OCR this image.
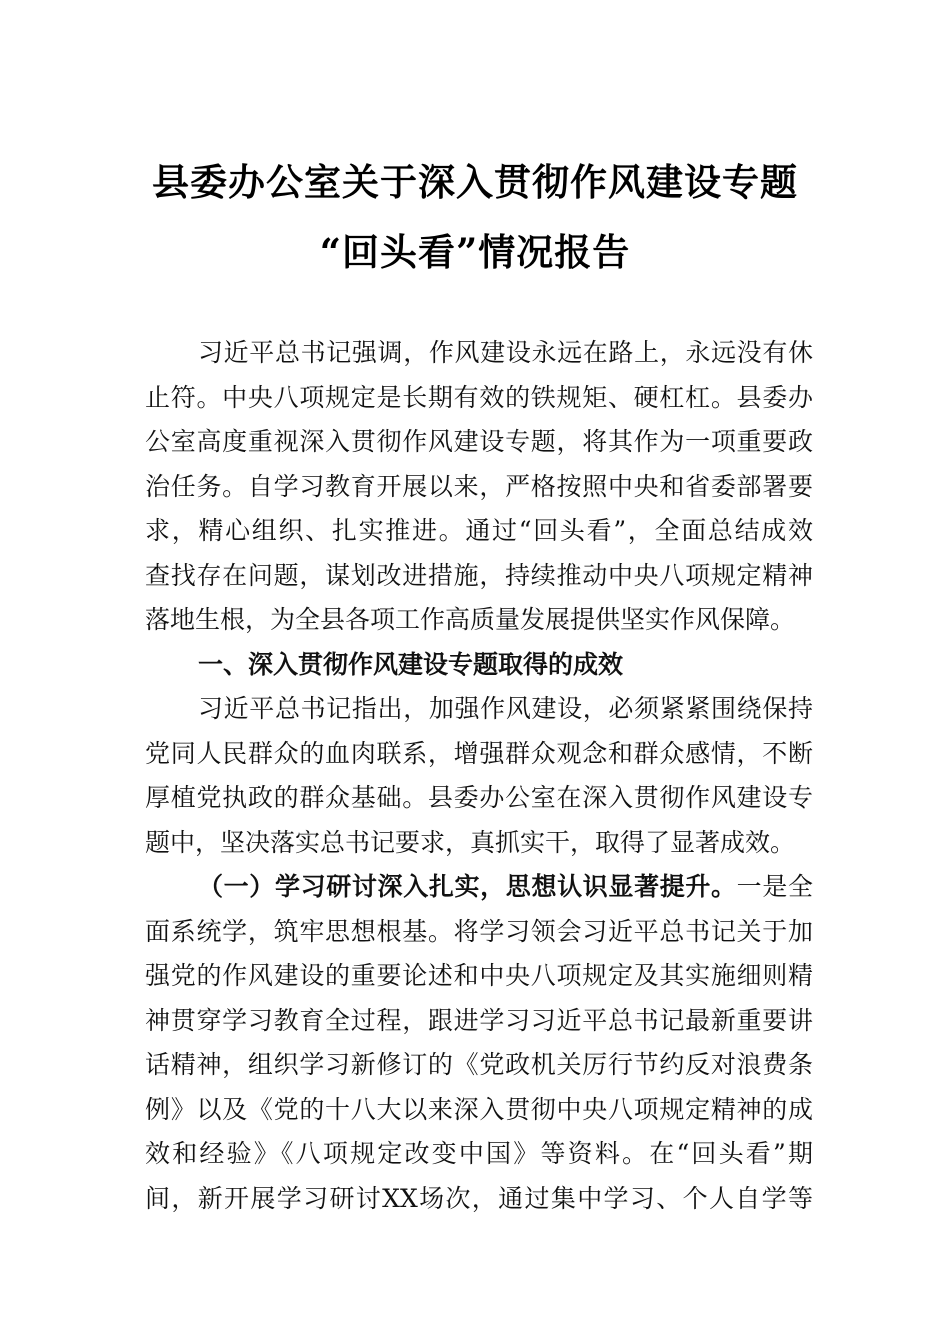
县委办公室关于深入贯彻作风建设专题
“回头看”情况报告
习近平总书记强调，作风建设永远在路上，永远没有休
止符。中央八项规定是长期有效的铁规矩、硬杠杠。县委办
公室高度重视深入贯彻作风建设专题，将其作为一项重要政
治任务。自学习教育开展以来，严格按照中央和省委部署要
求，精心组织、扎实推进。通过“回头看”，全面总结成效
查找存在问题，谋划改进措施，持续推动中央八项规定精神
落地生根，为全县各项工作高质量发展提供坚实作风保障。
一、深入贯彻作风建设专题取得的成效
习近平总书记指出，加强作风建设，必须紧紧围绕保持
党同人民群众的血肉联系，增强群众观念和群众感情，不断
厚植党执政的群众基础。县委办公室在深入贯彻作风建设专
题中，坚决落实总书记要求，真抓实干，取得了显著成效。
（一）学习研讨深入扎实，思想认识显著提升。一是全
面系统学，筑牢思想根基。将学习领会习近平总书记关于加
强党的作风建设的重要论述和中央八项规定及其实施细则精
神贯穿学习教育全过程，跟进学习习近平总书记最新重要讲
话精神，组织学习新修订的《党政机关厉行节约反对浪费条
例》以及《党的十八大以来深入贯彻中央八项规定精神的成
效和经验》《八项规定改变中国》等资料。在“回头看”期
间，新开展学习研讨XX场次，通过集中学习、个人自学等
